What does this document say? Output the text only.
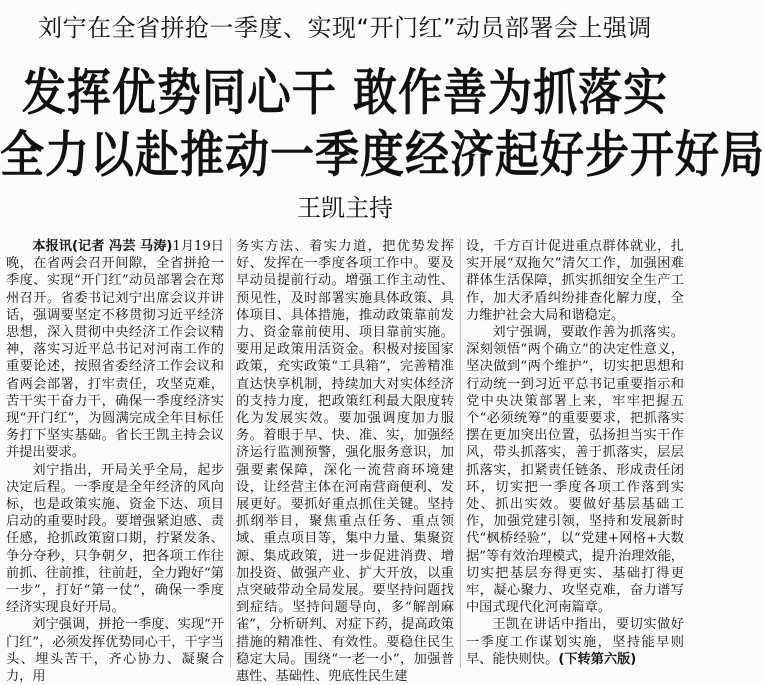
刘宁在全省拼抢一季度、实现“开门红”动员部署会上强调
发挥优势同心干 敢作善为抓落实
全力以赴推动一季度经济起好步开好局
王凯主持

本报讯(记者 冯芸 马涛)1月19日晚，在省两会召开间隙，全省拼抢一季度、实现“开门红”动员部署会在郑州召开。省委书记刘宁出席会议并讲话，强调要坚定不移贯彻习近平经济思想，深入贯彻中央经济工作会议精神，落实习近平总书记对河南工作的重要论述，按照省委经济工作会议和省两会部署，打牢责任，攻坚克难，苦干实干奋力干，确保一季度经济实现“开门红”，为圆满完成全年目标任务打下坚实基础。省长王凯主持会议并提出要求。

刘宁指出，开局关乎全局，起步决定后程。一季度是全年经济的风向标，也是政策实施、资金下达、项目启动的重要时段。要增强紧迫感、责任感，抢抓政策窗口期，拧紧发条、争分夺秒，只争朝夕，把各项工作往前抓、往前推，往前赶，全力跑好“第一步”，打好“第一仗”，确保一季度经济实现良好开局。

刘宁强调，拼抢一季度、实现“开门红”，必须发挥优势同心干，干字当头、埋头苦干，齐心协力、凝聚合力，用

务实方法、着实力道，把优势发挥好、发挥在一季度各项工作中。要及早动员提前行动。增强工作主动性、预见性，及时部署实施具体政策、具体项目、具体措施，推动政策靠前发力、资金靠前使用、项目靠前实施。要用足政策用活资金。积极对接国家政策，充实政策“工具箱”，完善精准直达快享机制，持续加大对实体经济的支持力度，把政策红利最大限度转化为发展实效。要加强调度加力服务。着眼于早、快、准、实，加强经济运行监测预警，强化服务意识，加强要素保障，深化一流营商环境建设，让经营主体在河南营商便利、发展更好。要抓好重点抓住关键。坚持抓纲举目，聚焦重点任务、重点领域、重点项目等，集中力量、集聚资源、集成政策，进一步促进消费、增加投资、做强产业、扩大开放，以重点突破带动全局发展。要坚持问题找到症结。坚持问题导向，多“解剖麻雀”，分析研判、对症下药，提高政策措施的精准性、有效性。要稳住民生稳定大局。围绕“一老一小”，加强普惠性、基础性、兜底性民生建

设，千方百计促进重点群体就业，扎实开展“双拖欠”清欠工作，加强困难群体生活保障，抓实抓细安全生产工作，加大矛盾纠纷排查化解力度，全力维护社会大局和谐稳定。

刘宁强调，要敢作善为抓落实。深刻领悟“两个确立”的决定性意义，坚决做到“两个维护”，切实把思想和行动统一到习近平总书记重要指示和党中央决策部署上来，牢牢把握五个“必须统筹”的重要要求，把抓落实摆在更加突出位置，弘扬担当实干作风，带头抓落实，善于抓落实，层层抓落实，扣紧责任链条、形成责任闭环，切实把一季度各项工作落到实处、抓出实效。要做好基层基础工作，加强党建引领，坚持和发展新时代“枫桥经验”，以“党建+网格+大数据”等有效治理模式，提升治理效能，切实把基层夯得更实、基础打得更牢，凝心聚力、攻坚克难，奋力谱写中国式现代化河南篇章。

王凯在讲话中指出，要切实做好一季度工作谋划实施，坚持能早则早、能快则快。(下转第六版)
